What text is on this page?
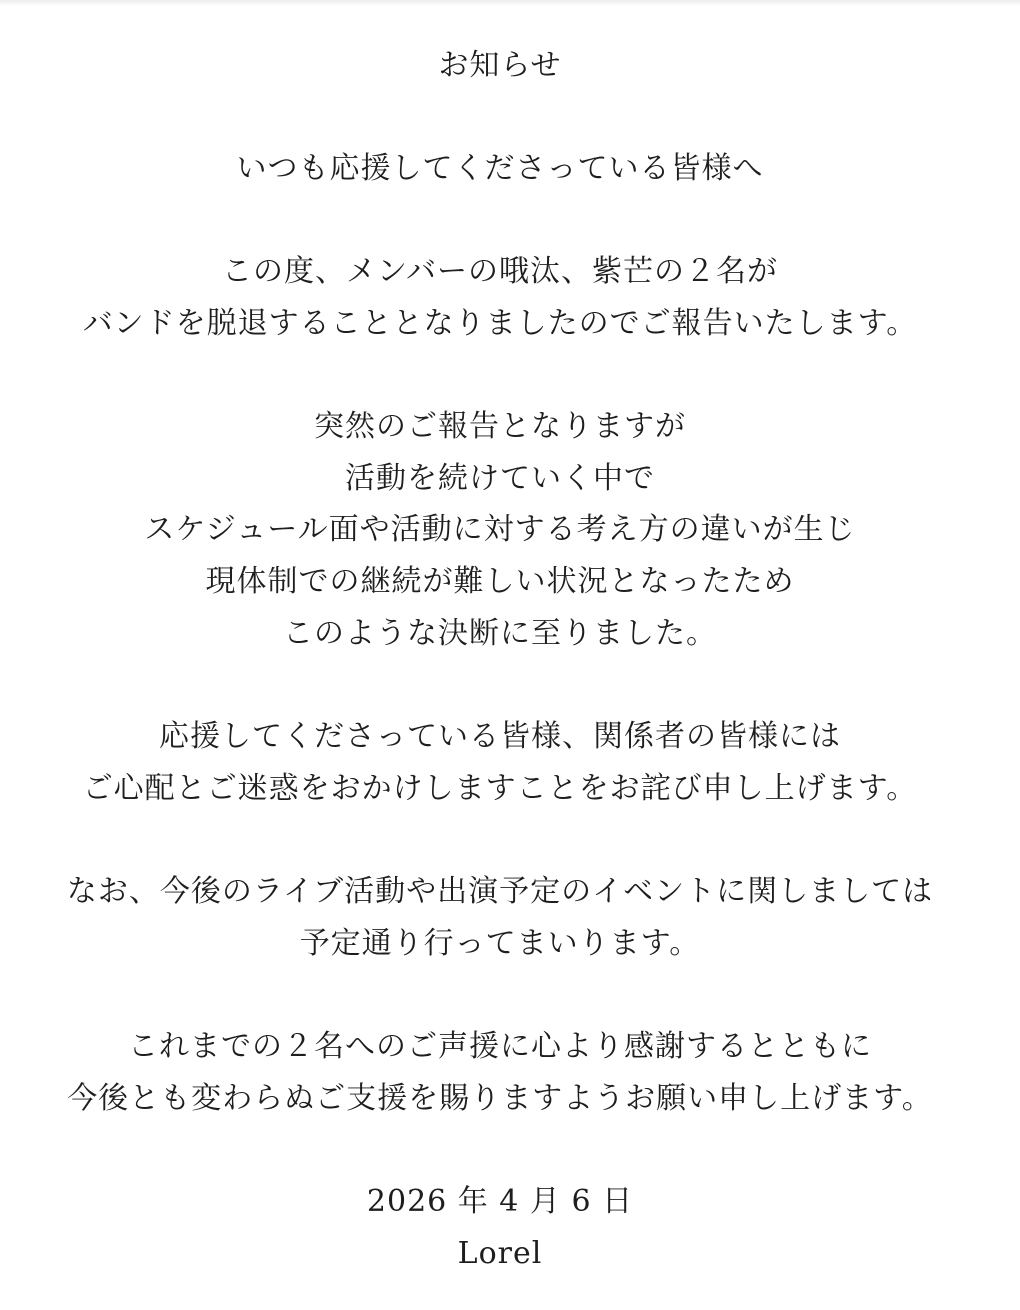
お知らせ
いつも応援してくださっている皆様へ
この度、メンバーの哦汰、紫芒の２名が
バンドを脱退することとなりましたのでご報告いたします。
突然のご報告となりますが
活動を続けていく中で
スケジュール面や活動に対する考え方の違いが生じ
現体制での継続が難しい状況となったため
このような決断に至りました。
応援してくださっている皆様、関係者の皆様には
ご心配とご迷惑をおかけしますことをお詫び申し上げます。
なお、今後のライブ活動や出演予定のイベントに関しましては
予定通り行ってまいります。
これまでの２名へのご声援に心より感謝するとともに
今後とも変わらぬご支援を賜りますようお願い申し上げます。
2026 年 4 月 6 日
Lorel
